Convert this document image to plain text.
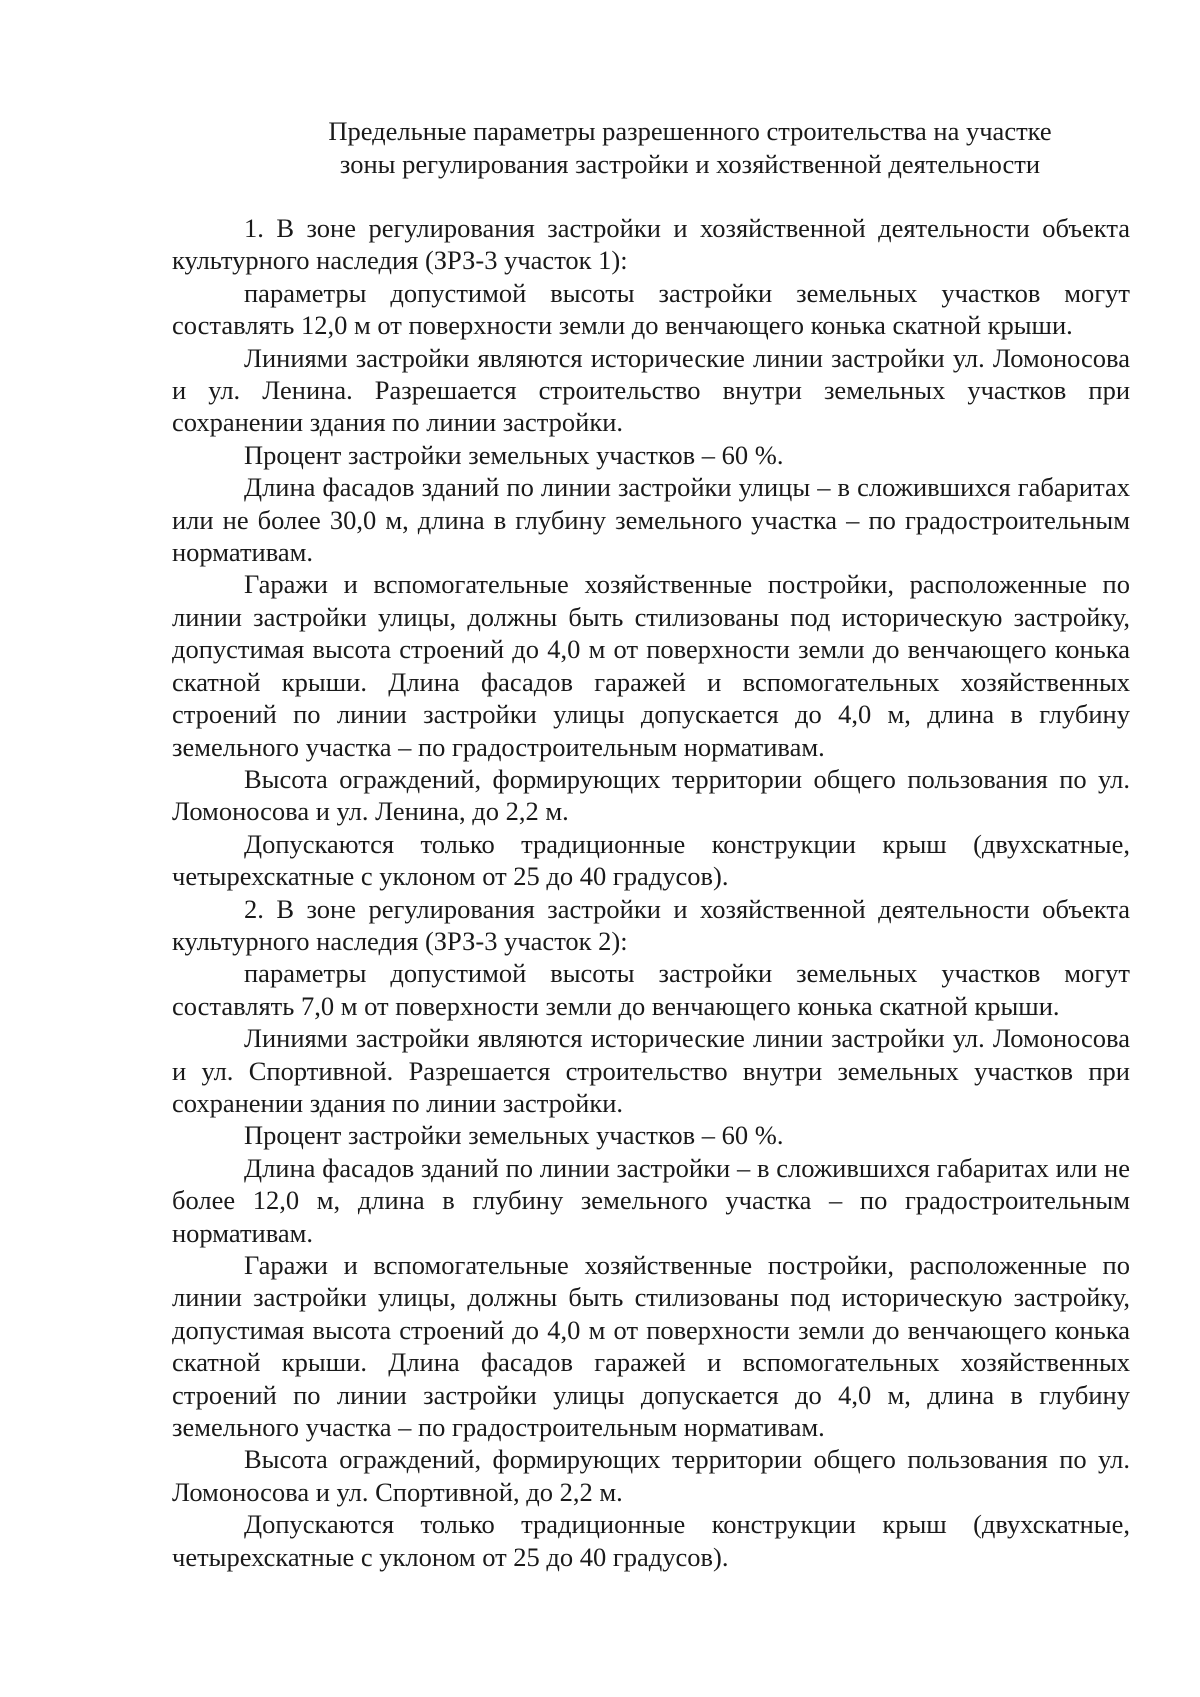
Предельные параметры разрешенного строительства на участке
зоны регулирования застройки и хозяйственной деятельности

1. В зоне регулирования застройки и хозяйственной деятельности объекта культурного наследия (ЗРЗ-3 участок 1):

параметры допустимой высоты застройки земельных участков могут составлять 12,0 м от поверхности земли до венчающего конька скатной крыши.

Линиями застройки являются исторические линии застройки ул. Ломоносова и ул. Ленина. Разрешается строительство внутри земельных участков при сохранении здания по линии застройки.

Процент застройки земельных участков – 60 %.

Длина фасадов зданий по линии застройки улицы – в сложившихся габаритах или не более 30,0 м, длина в глубину земельного участка – по градостроительным нормативам.

Гаражи и вспомогательные хозяйственные постройки, расположенные по линии застройки улицы, должны быть стилизованы под историческую застройку, допустимая высота строений до 4,0 м от поверхности земли до венчающего конька скатной крыши. Длина фасадов гаражей и вспомогательных хозяйственных строений по линии застройки улицы допускается до 4,0 м, длина в глубину земельного участка – по градостроительным нормативам.

Высота ограждений, формирующих территории общего пользования по ул. Ломоносова и ул. Ленина, до 2,2 м.

Допускаются только традиционные конструкции крыш (двухскатные, четырехскатные с уклоном от 25 до 40 градусов).

2. В зоне регулирования застройки и хозяйственной деятельности объекта культурного наследия (ЗРЗ-3 участок 2):

параметры допустимой высоты застройки земельных участков могут составлять 7,0 м от поверхности земли до венчающего конька скатной крыши.

Линиями застройки являются исторические линии застройки ул. Ломоносова и ул. Спортивной. Разрешается строительство внутри земельных участков при сохранении здания по линии застройки.

Процент застройки земельных участков – 60 %.

Длина фасадов зданий по линии застройки – в сложившихся габаритах или не более 12,0 м, длина в глубину земельного участка – по градостроительным нормативам.

Гаражи и вспомогательные хозяйственные постройки, расположенные по линии застройки улицы, должны быть стилизованы под историческую застройку, допустимая высота строений до 4,0 м от поверхности земли до венчающего конька скатной крыши. Длина фасадов гаражей и вспомогательных хозяйственных строений по линии застройки улицы допускается до 4,0 м, длина в глубину земельного участка – по градостроительным нормативам.

Высота ограждений, формирующих территории общего пользования по ул. Ломоносова и ул. Спортивной, до 2,2 м.

Допускаются только традиционные конструкции крыш (двухскатные, четырехскатные с уклоном от 25 до 40 градусов).
